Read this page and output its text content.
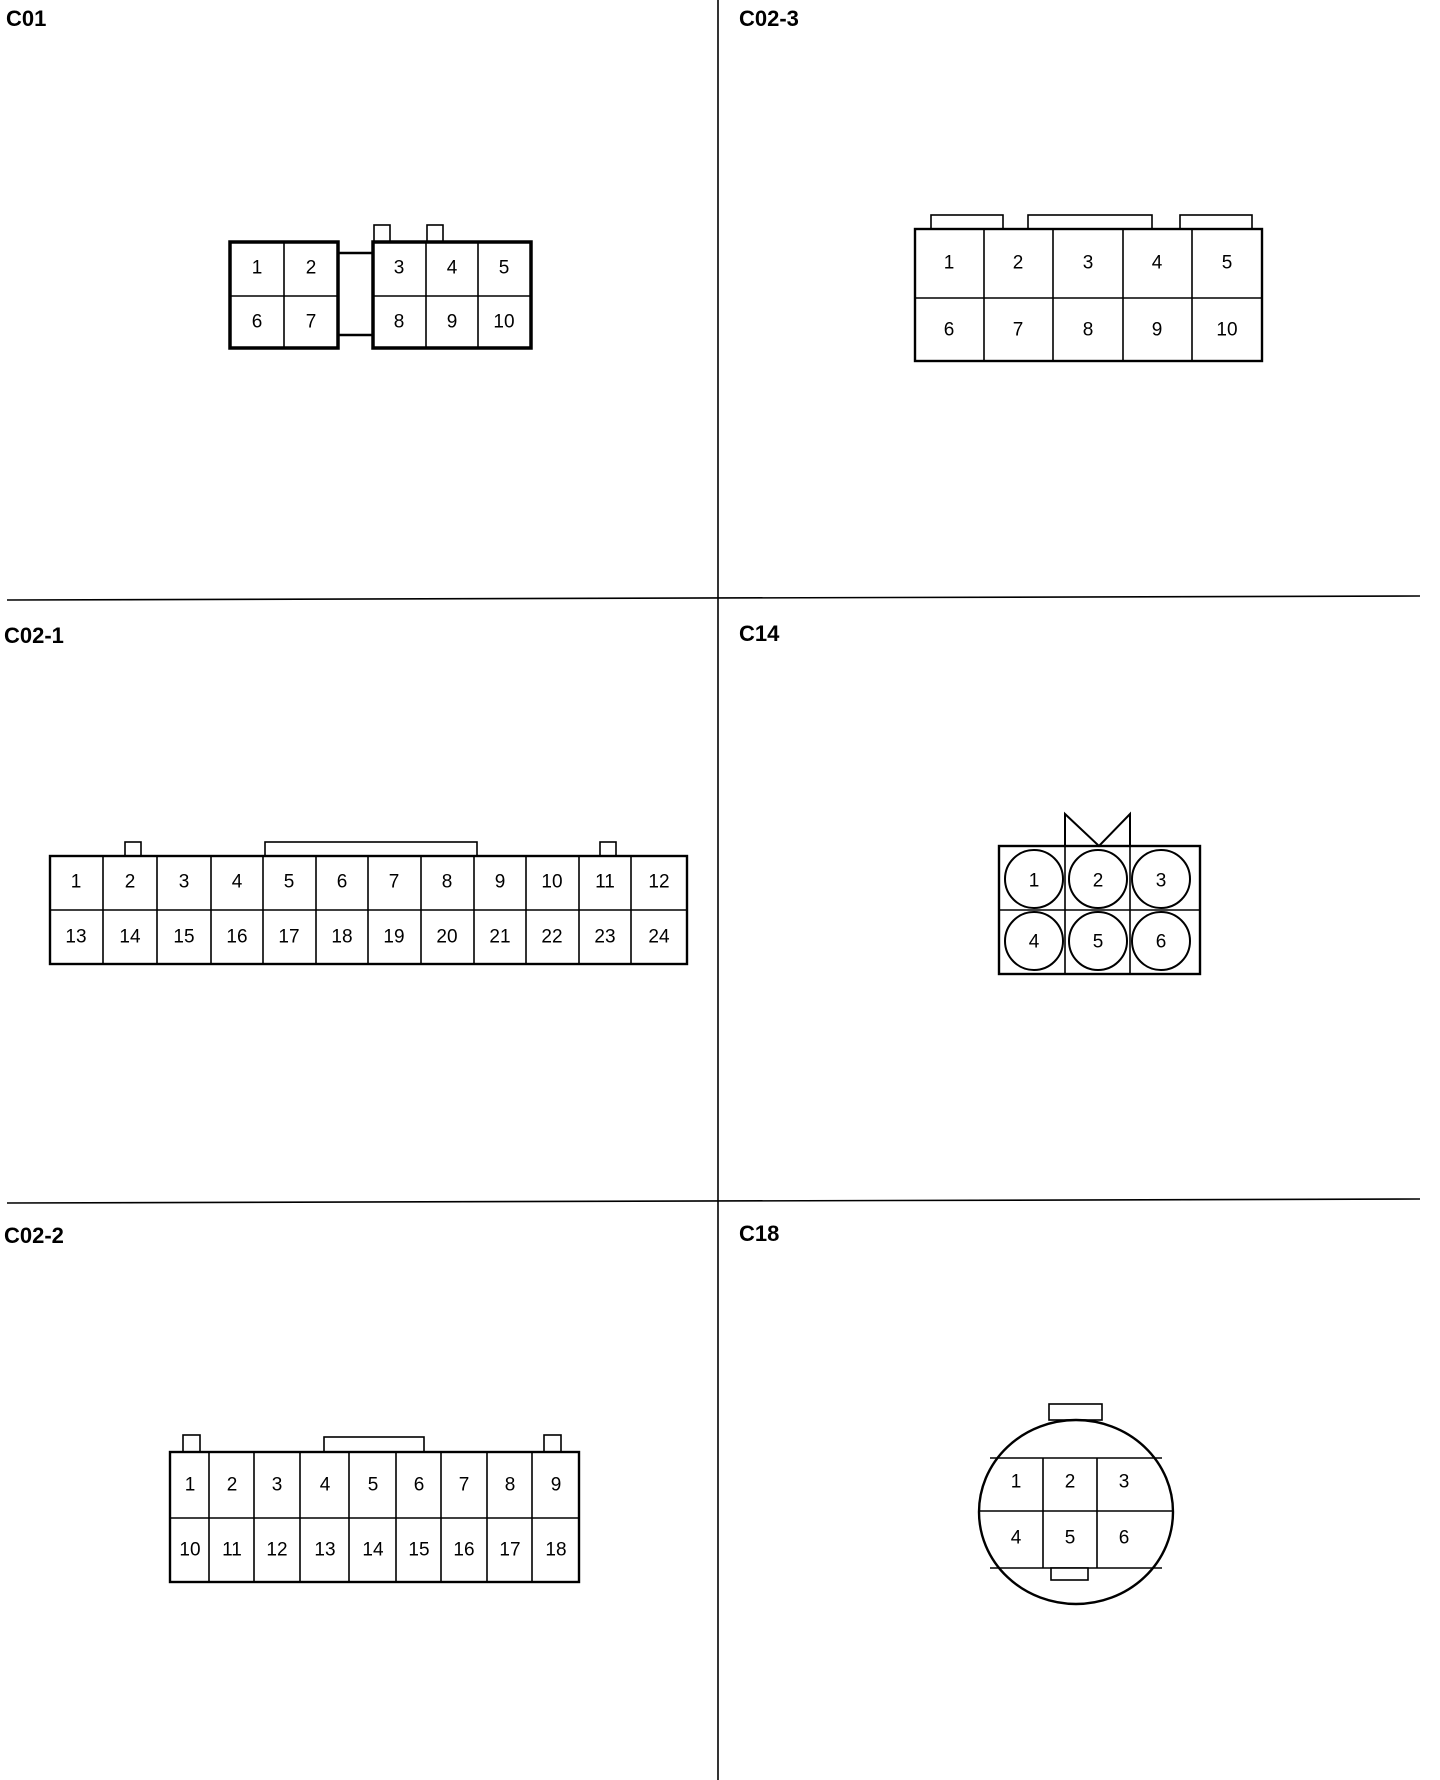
C01
1 2	3 4 5
6 7	8 9 10
C02-3
1	2	3	4	5
6	7	8	9	10
C02-1
1 2 3 4 5 6 7 8 9 10 11 12
13 14 15 16 17 18 19 20 21 22 23 24
C14
1	2	3
4	5	6
C02-2
1 2 3 4 5 6 7 8 9
10 11 12 13 14 15 16 17 18
C18
1 2 3
4 5 6
